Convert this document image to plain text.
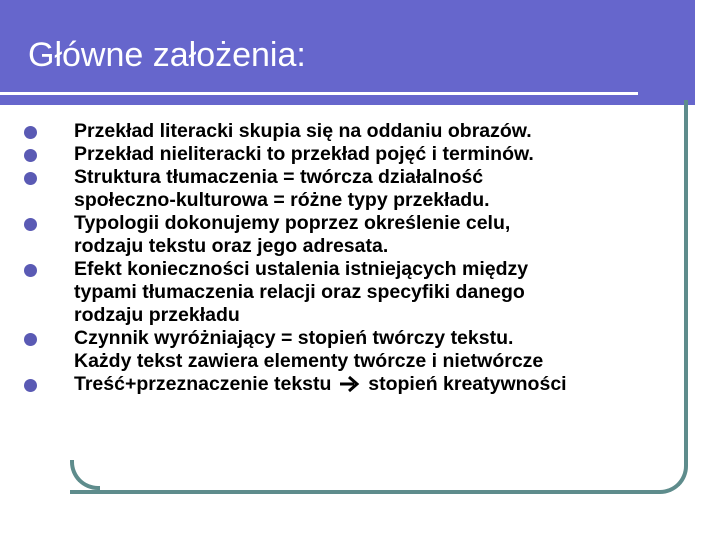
Główne założenia:
Przekład literacki skupia się na oddaniu obrazów.
Przekład nieliteracki to przekład pojęć i terminów.
Struktura tłumaczenia = twórcza działalność
społeczno-kulturowa = różne typy przekładu.
Typologii dokonujemy poprzez określenie celu,
rodzaju tekstu oraz jego adresata.
Efekt konieczności ustalenia istniejących między
typami tłumaczenia relacji oraz specyfiki danego
rodzaju przekładu
Czynnik wyróżniający = stopień twórczy tekstu.
Każdy tekst zawiera elementy twórcze i nietwórcze
Treść+przeznaczenie tekstu stopień kreatywności
